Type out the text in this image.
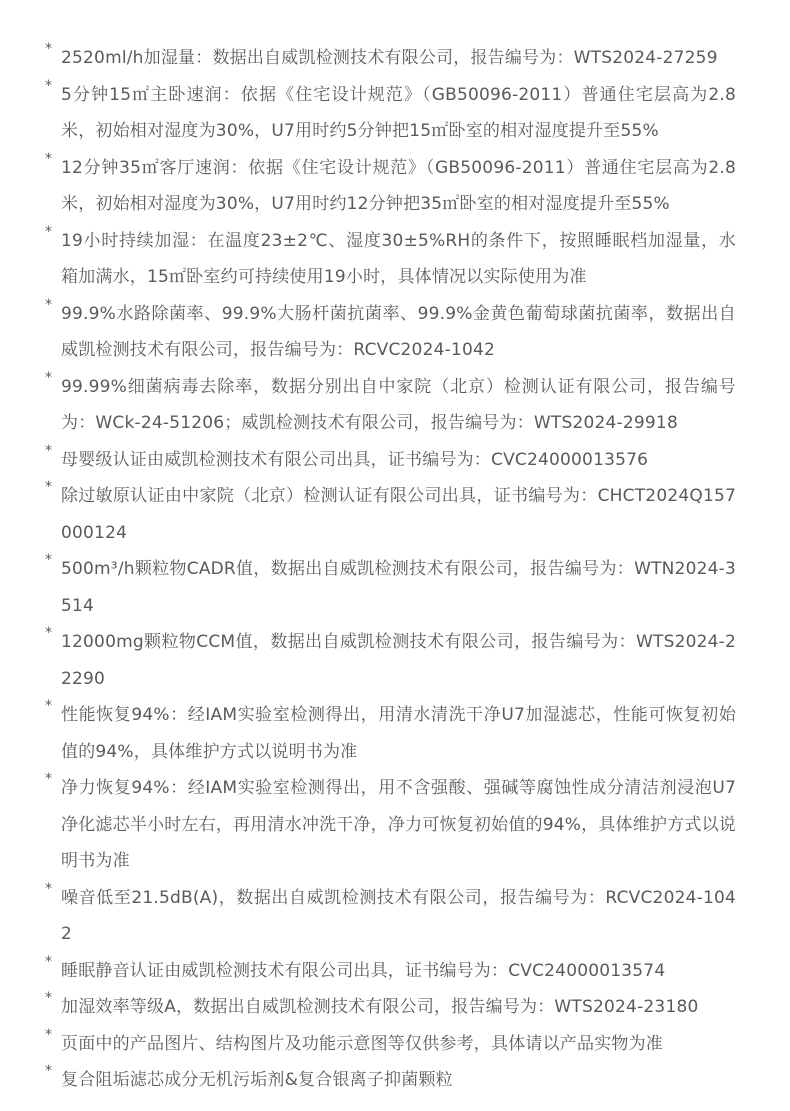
* 2520ml/h加湿量：数据出自威凯检测技术有限公司，报告编号为：WTS2024-27259
* 5分钟15㎡主卧速润：依据《住宅设计规范》（GB50096-2011）普通住宅层高为2.8米，初始相对湿度为30%，U7用时约5分钟把15㎡卧室的相对湿度提升至55%
* 12分钟35㎡客厅速润：依据《住宅设计规范》（GB50096-2011）普通住宅层高为2.8米，初始相对湿度为30%，U7用时约12分钟把35㎡卧室的相对湿度提升至55%
* 19小时持续加湿：在温度23±2℃、湿度30±5%RH的条件下，按照睡眠档加湿量，水箱加满水，15㎡卧室约可持续使用19小时，具体情况以实际使用为准
* 99.9%水路除菌率、99.9%大肠杆菌抗菌率、99.9%金黄色葡萄球菌抗菌率，数据出自威凯检测技术有限公司，报告编号为：RCVC2024-1042
* 99.99%细菌病毒去除率，数据分别出自中家院（北京）检测认证有限公司，报告编号为：WCk-24-51206；威凯检测技术有限公司，报告编号为：WTS2024-29918
* 母婴级认证由威凯检测技术有限公司出具，证书编号为：CVC24000013576
* 除过敏原认证由中家院（北京）检测认证有限公司出具，证书编号为：CHCT2024Q157000124
* 500m³/h颗粒物CADR值，数据出自威凯检测技术有限公司，报告编号为：WTN2024-3514
* 12000mg颗粒物CCM值，数据出自威凯检测技术有限公司，报告编号为：WTS2024-22290
* 性能恢复94%：经IAM实验室检测得出，用清水清洗干净U7加湿滤芯，性能可恢复初始值的94%，具体维护方式以说明书为准
* 净力恢复94%：经IAM实验室检测得出，用不含强酸、强碱等腐蚀性成分清洁剂浸泡U7净化滤芯半小时左右，再用清水冲洗干净，净力可恢复初始值的94%，具体维护方式以说明书为准
* 噪音低至21.5dB(A)，数据出自威凯检测技术有限公司，报告编号为：RCVC2024-1042
* 睡眠静音认证由威凯检测技术有限公司出具，证书编号为：CVC24000013574
* 加湿效率等级A，数据出自威凯检测技术有限公司，报告编号为：WTS2024-23180
* 页面中的产品图片、结构图片及功能示意图等仅供参考，具体请以产品实物为准
* 复合阻垢滤芯成分无机污垢剂&复合银离子抑菌颗粒
